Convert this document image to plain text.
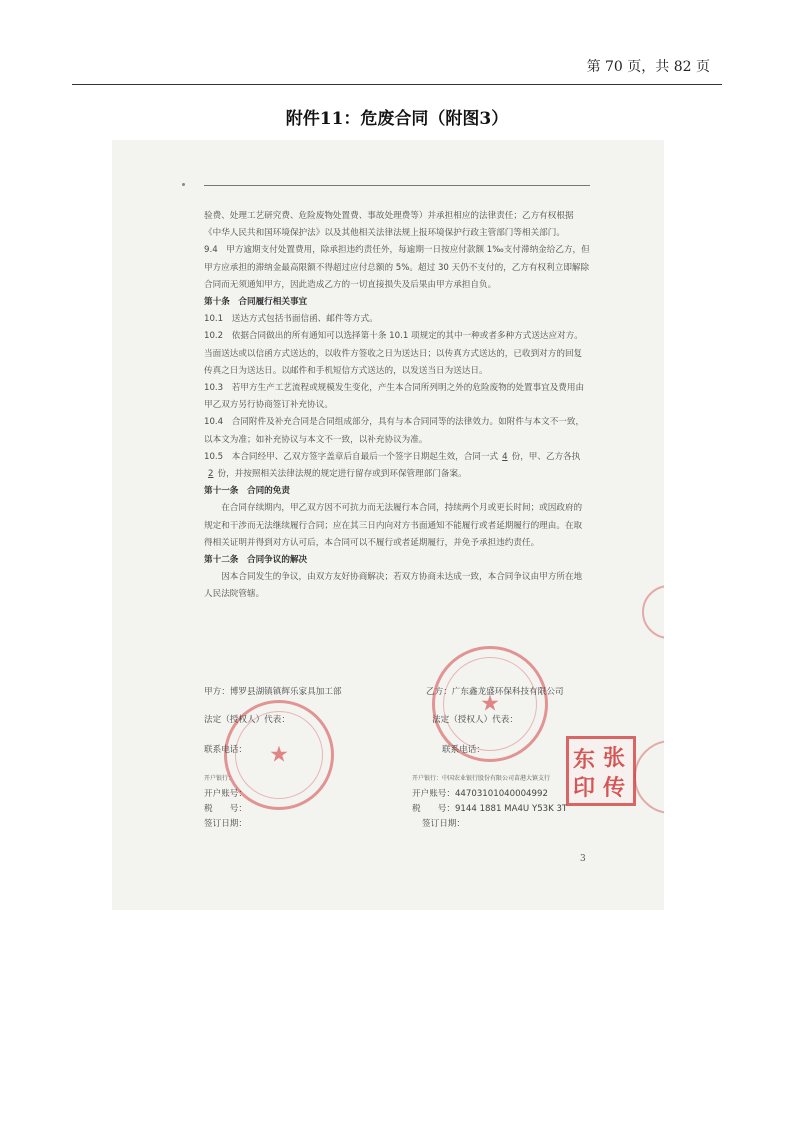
第 70 页，共 82 页
附件11：危废合同（附图3）

验费、处理工艺研究费、危险废物处置费、事故处理费等）并承担相应的法律责任；乙方有权根据《中华人民共和国环境保护法》以及其他相关法律法规上报环境保护行政主管部门等相关部门。

9.4　甲方逾期支付处置费用，除承担违约责任外，每逾期一日按应付款额 1‰支付滞纳金给乙方，但甲方应承担的滞纳金最高限额不得超过应付总额的 5%。超过 30 天仍不支付的，乙方有权利立即解除合同而无须通知甲方，因此造成乙方的一切直接损失及后果由甲方承担自负。

第十条　合同履行相关事宜

10.1　送达方式包括书面信函、邮件等方式。

10.2　依据合同做出的所有通知可以选择第十条 10.1 项规定的其中一种或者多种方式送达应对方。当面送达或以信函方式送达的，以收件方签收之日为送达日；以传真方式送达的，已收到对方的回复传真之日为送达日。以邮件和手机短信方式送达的，以发送当日为送达日。

10.3　若甲方生产工艺流程或规模发生变化，产生本合同所列明之外的危险废物的处置事宜及费用由甲乙双方另行协商签订补充协议。

10.4　合同附件及补充合同是合同组成部分，具有与本合同同等的法律效力。如附件与本文不一致，以本文为准；如补充协议与本文不一致，以补充协议为准。

10.5　本合同经甲、乙双方签字盖章后自最后一个签字日期起生效，合同一式 4 份，甲、乙方各执2 份，并按照相关法律法规的规定进行留存或到环保管理部门备案。

第十一条　合同的免责

在合同存续期内，甲乙双方因不可抗力而无法履行本合同，持续两个月或更长时间；或因政府的规定和干涉而无法继续履行合同；应在其三日内向对方书面通知不能履行或者延期履行的理由。在取得相关证明并得到对方认可后，本合同可以不履行或者延期履行，并免予承担违约责任。

第十二条　合同争议的解决

因本合同发生的争议，由双方友好协商解决；若双方协商未达成一致，本合同争议由甲方所在地人民法院管辖。

★
★
甲方：博罗县湖镇镇辉乐家具加工部	乙方：广东鑫龙盛环保科技有限公司
法定（授权人）代表：	法定（授权人）代表：
联系电话：	联系电话：
开户银行：	开户银行：中国农业银行股份有限公司苗港大镇支行
开户账号：	开户账号：44703101040004992
税　　号：	税　　号：9144 1881 MA4U Y53K 3T
签订日期：	签订日期：
张
东
传
印
3
